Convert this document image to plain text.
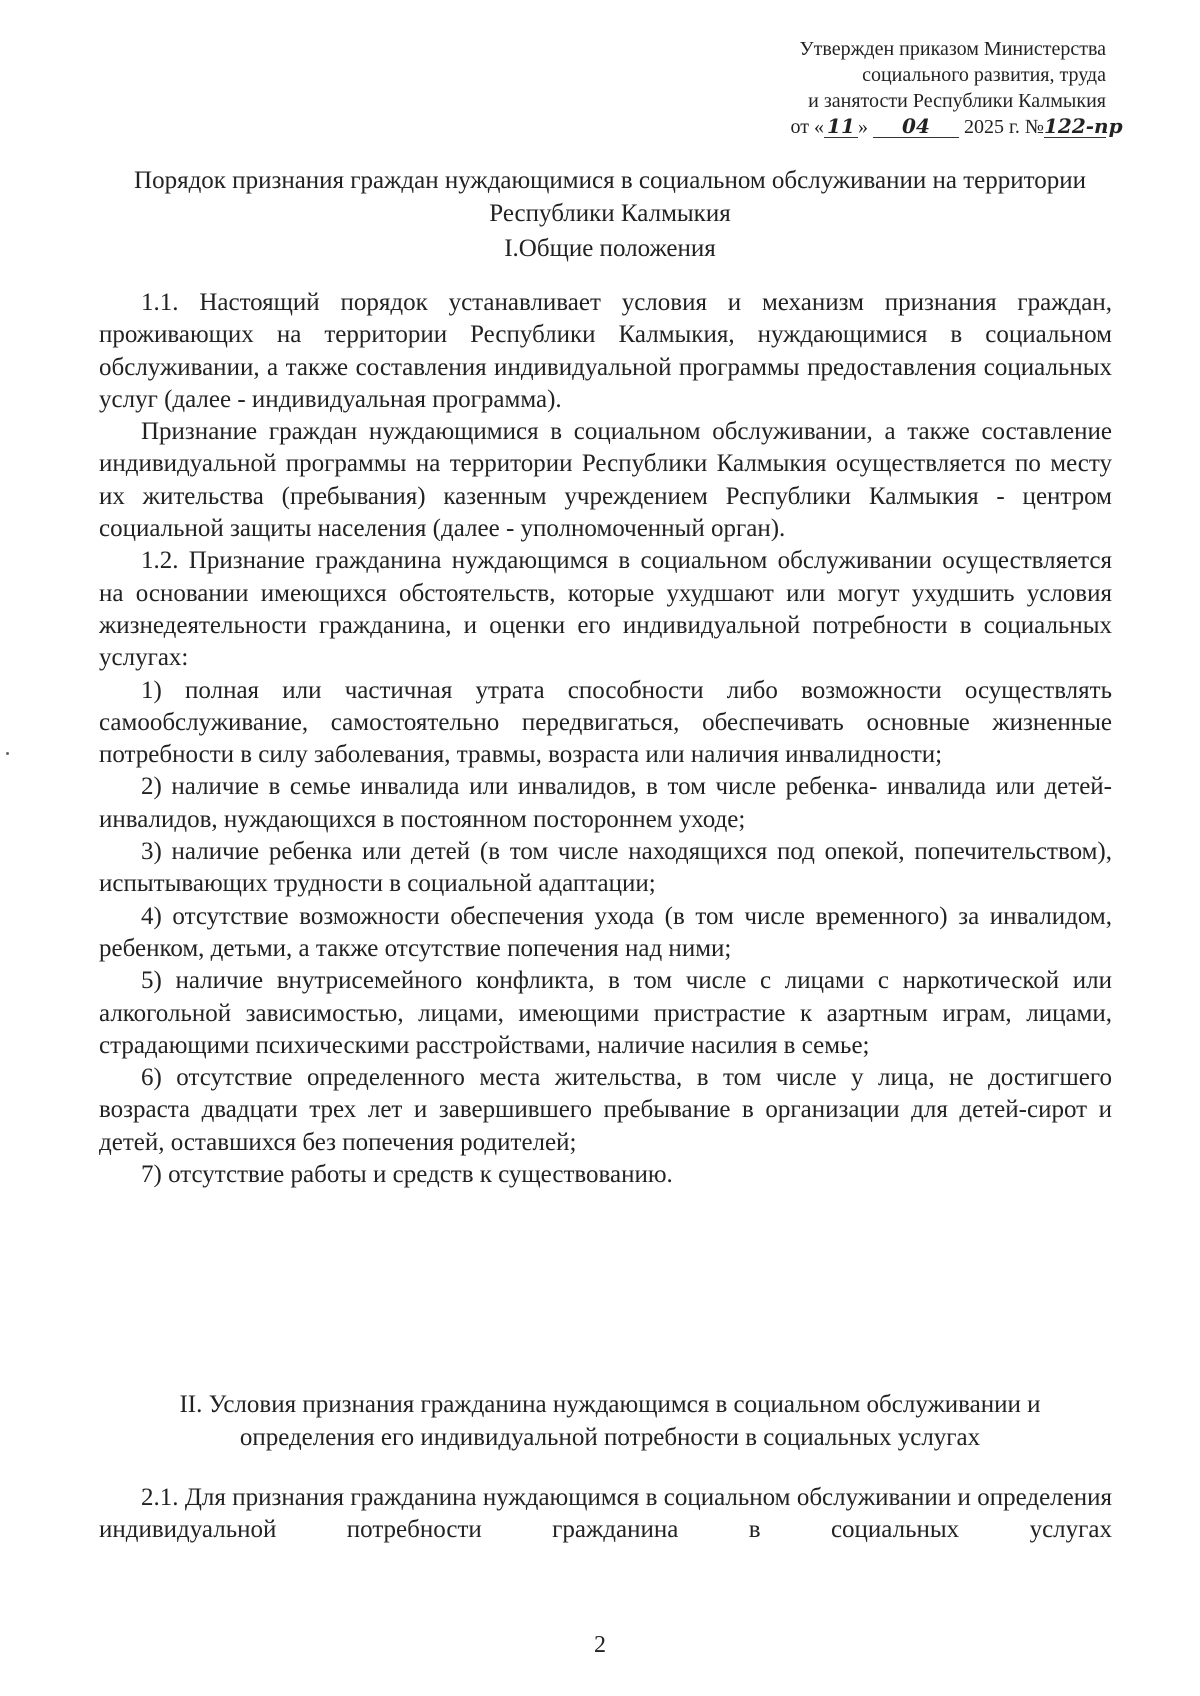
Утвержден приказом Министерства
социального развития, труда
и занятости Республики Калмыкия
от « 11 » 04 2025 г. №122-пр
Порядок признания граждан нуждающимися в социальном обслуживании на территории Республики Калмыкия
I.Общие положения

1.1. Настоящий порядок устанавливает условия и механизм признания граждан, проживающих на территории Республики Калмыкия, нуждающимися в социальном обслуживании, а также составления индивидуальной программы предоставления социальных услуг (далее - индивидуальная программа).

Признание граждан нуждающимися в социальном обслуживании, а также составление индивидуальной программы на территории Республики Калмыкия осуществляется по месту их жительства (пребывания) казенным учреждением Республики Калмыкия - центром социальной защиты населения (далее - уполномоченный орган).

1.2. Признание гражданина нуждающимся в социальном обслуживании осуществляется на основании имеющихся обстоятельств, которые ухудшают или могут ухудшить условия жизнедеятельности гражданина, и оценки его индивидуальной потребности в социальных услугах:

1) полная или частичная утрата способности либо возможности осуществлять самообслуживание, самостоятельно передвигаться, обеспечивать основные жизненные потребности в силу заболевания, травмы, возраста или наличия инвалидности;

2) наличие в семье инвалида или инвалидов, в том числе ребенка- инвалида или детей-инвалидов, нуждающихся в постоянном постороннем уходе;

3) наличие ребенка или детей (в том числе находящихся под опекой, попечительством), испытывающих трудности в социальной адаптации;

4) отсутствие возможности обеспечения ухода (в том числе временного) за инвалидом, ребенком, детьми, а также отсутствие попечения над ними;

5) наличие внутрисемейного конфликта, в том числе с лицами с наркотической или алкогольной зависимостью, лицами, имеющими пристрастие к азартным играм, лицами, страдающими психическими расстройствами, наличие насилия в семье;

6) отсутствие определенного места жительства, в том числе у лица, не достигшего возраста двадцати трех лет и завершившего пребывание в организации для детей-сирот и детей, оставшихся без попечения родителей;

7) отсутствие работы и средств к существованию.

II. Условия признания гражданина нуждающимся в социальном обслуживании и определения его индивидуальной потребности в социальных услугах

2.1. Для признания гражданина нуждающимся в социальном обслуживании и определения индивидуальной потребности гражданина в социальных услугах

2
